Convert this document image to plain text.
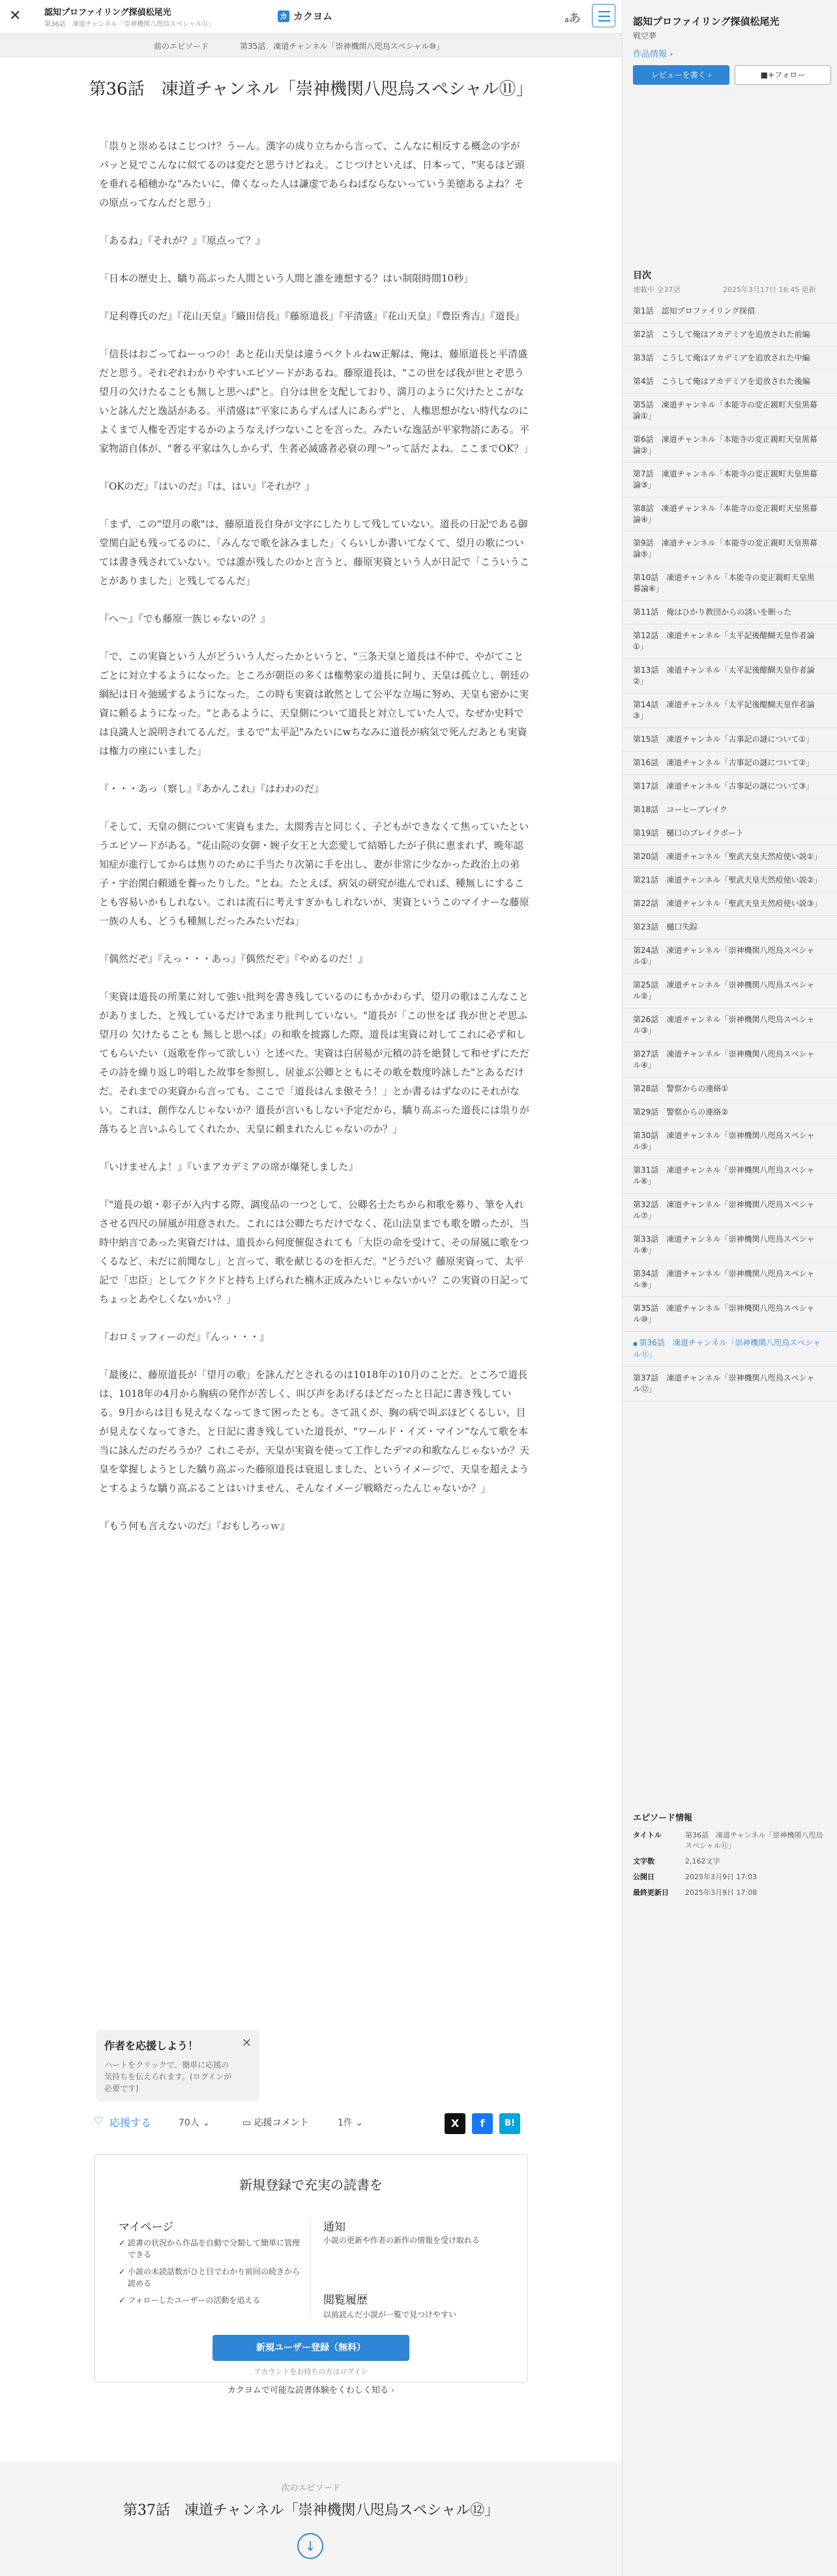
✕	認知プロファイリング探偵松尾光
第36話　凍道チャンネル「崇神機関八咫烏スペシャル⑪」
カ カクヨム	aあ
前のエピソード	第35話　凍道チャンネル「崇神機関八咫烏スペシャル⑩」
第36話　凍道チャンネル「崇神機関八咫烏スペシャル⑪」

「祟りと崇めるはこじつけ？うーん。漢字の成り立ちから言って、こんなに相反する概念の字がパッと見でこんなに似てるのは変だと思うけどねえ。こじつけといえば、日本って、"実るほど頭を垂れる稲穂かな"みたいに、偉くなった人は謙虚であらねばならないっていう美徳あるよね？その原点ってなんだと思う」

「あるね」『それが？』『原点って？』

「日本の歴史上、驕り高ぶった人間という人間と誰を連想する？はい制限時間10秒」

『足利尊氏のだ』『花山天皇』『織田信長』『藤原道長』『平清盛』『花山天皇』『豊臣秀吉』『道長』

「信長はおごってねーっつの！あと花山天皇は違うベクトルねw正解は、俺は、藤原道長と平清盛だと思う。それぞれわかりやすいエピソードがあるね。藤原道長は、"この世をば我が世とぞ思う望月の欠けたることも無しと思へば"と。自分は世を支配しており、満月のように欠けたとこがないと詠んだと逸話がある。平清盛は"平家にあらずんば人にあらず"と、人権思想がない時代なのによくまで人権を否定するかのようなえげつないことを言った。みたいな逸話が平家物語にある。平家物語自体が、"奢る平家は久しからず、生者必滅盛者必衰の理〜"って話だよね。ここまでOK？」

『OKのだ』『はいのだ』『は、はい』『それが？』

「まず、この"望月の歌"は、藤原道長自身が文字にしたりして残していない。道長の日記である御堂関白記も残ってるのに、「みんなで歌を詠みました」くらいしか書いてなくて、望月の歌については書き残されていない。では誰が残したのかと言うと、藤原実資という人が日記で「こういうことがありました」と残してるんだ」

『へ〜』『でも藤原一族じゃないの？』

「で、この実資という人がどういう人だったかというと、"三条天皇と道長は不仲で、やがてことごとに対立するようになった。ところが朝臣の多くは権勢家の道長に阿り、天皇は孤立し、朝廷の綱紀は日々弛緩するようになった。この時も実資は敢然として公平な立場に努め、天皇も密かに実資に頼るようになった。"とあるように、天皇側について道長と対立していた人で、なぜか史料では良識人と説明されてるんだ。まるで"太平記"みたいにwちなみに道長が病気で死んだあとも実資は権力の座にいました」

『・・・あっ（察し』『あかんこれ』『はわわのだ』

「そして、天皇の側について実資もまた、太閤秀吉と同じく、子どもができなくて焦っていたというエピソードがある。"花山院の女御・婉子女王と大恋愛して結婚したが子供に恵まれず、晩年認知症が進行してからは焦りのために手当たり次第に手を出し、妻が非常に少なかった政治上の弟子・宇治関白頼通を養ったりした。"とね。たとえば、病気の研究が進んでれば、種無しにすることも容易いかもしれない。これは流石に考えすぎかもしれないが、実資というこのマイナーな藤原一族の人も、どうも種無しだったみたいだね」

『偶然だぞ』『えっ・・・あっ』『偶然だぞ』『やめるのだ！』

「実資は道長の所業に対して強い批判を書き残しているのにもかかわらず、望月の歌はこんなことがありました、と残しているだけであまり批判していない。"道長が「この世をば 我が世とぞ思ふ 望月の 欠けたることも 無しと思へば」の和歌を披露した際、道長は実資に対してこれに必ず和してもらいたい（返歌を作って欲しい）と述べた。実資は白居易が元稹の詩を絶賛して和せずにただその詩を繰り返し吟唱した故事を参照し、居並ぶ公卿とともにその歌を数度吟詠した"とあるだけだ。それまでの実資から言っても、ここで「道長はんま傲そう！」とか書るはずなのにそれがない。これは、創作なんじゃないか？道長が言いもしない予定だから、驕り高ぶった道長には祟りが落ちると言いふらしてくれたか、天皇に頼まれたんじゃないのか？」

『いけませんよ！』『いまアカデミアの席が爆発しました』

『"道長の娘・彰子が入内する際、調度品の一つとして、公卿名士たちから和歌を募り、筆を入れさせる四尺の屏風が用意された。これには公卿たちだけでなく、花山法皇までも歌を贈ったが、当時中納言であった実資だけは、道長から何度催促されても「大臣の命を受けて、その屏風に歌をつくるなど、未だに前聞なし」と言って、歌を献じるのを拒んだ。"どうだい？藤原実資って、太平記で「忠臣」としてクドクドと持ち上げられた楠木正成みたいじゃないかい？この実資の日記ってちょっとあやしくないかい？」

『おロミッフィーのだ』『んっ・・・』

「最後に、藤原道長が「望月の歌」を詠んだとされるのは1018年の10月のことだ。ところで道長は、1018年の4月から胸病の発作が苦しく、叫び声をあげるほどだったと日記に書き残している。9月からは目も見えなくなってきて困ったとも。さて訊くが、胸の病で叫ぶほどくるしい、目が見えなくなってきた、と日記に書き残していた道長が、"ワールド・イズ・マイン"なんて歌を本当に詠んだのだろうか？これこそが、天皇が実資を使って工作したデマの和歌なんじゃないか？天皇を掌握しようとした驕り高ぶった藤原道長は衰退しました、というイメージで、天皇を超えようとするような驕り高ぶることはいけません、そんなイメージ戦略だったんじゃないか？」

『もう何も言えないのだ』『おもしろっｗ』

作者を応援しよう！
ハートをクリックで、簡単に応援の気持ちを伝えられます。(ログインが必要です)
✕
♡ 応援する	70人 ⌄	▭ 応援コメント	1件 ⌄	X	f	B!
新規登録で充実の読書を
マイページ
✓ 読書の状況から作品を自動で分類して簡単に管理できる
✓ 小説の未読話数がひと目でわかり前回の続きから読める
✓ フォローしたユーザーの活動を追える
通知
小説の更新や作者の新作の情報を受け取れる
閲覧履歴
以前読んだ小説が一覧で見つけやすい
新規ユーザー登録（無料）
アカウントをお持ちの方はログイン
カクヨムで可能な読書体験をくわしく知る ›
次のエピソード
第37話　凍道チャンネル「崇神機関八咫烏スペシャル⑫」
↓
認知プロファイリング探偵松尾光
戦空夢
作品情報 ›
レビューを書く ›	■+フォロー
目次
連載中 全37話	2025年3月17日 16:45 更新
第1話 認知プロファイリング探偵
第2話 こうして俺はアカデミアを追放された前編
第3話 こうして俺はアカデミアを追放された中編
第4話 こうして俺はアカデミアを追放された後編
第5話 凍道チャンネル「本能寺の変正親町天皇黒幕論①」
第6話 凍道チャンネル「本能寺の変正親町天皇黒幕論②」
第7話 凍道チャンネル「本能寺の変正親町天皇黒幕論③」
第8話 凍道チャンネル「本能寺の変正親町天皇黒幕論④」
第9話 凍道チャンネル「本能寺の変正親町天皇黒幕論⑤」
第10話 凍道チャンネル「本能寺の変正親町天皇黒幕論⑥」
第11話 俺はひかり教団からの誘いを断った
第12話 凍道チャンネル「太平記後醍醐天皇作者論①」
第13話 凍道チャンネル「太平記後醍醐天皇作者論②」
第14話 凍道チャンネル「太平記後醍醐天皇作者論③」
第15話 凍道チャンネル「古事記の謎について①」
第16話 凍道チャンネル「古事記の謎について②」
第17話 凍道チャンネル「古事記の謎について③」
第18話 コーヒーブレイク
第19話 樋口のブレイクポート
第20話 凍道チャンネル「聖武天皇天然痘使い説①」
第21話 凍道チャンネル「聖武天皇天然痘使い説②」
第22話 凍道チャンネル「聖武天皇天然痘使い説③」
第23話 樋口失踪
第24話 凍道チャンネル「崇神機関八咫烏スペシャル①」
第25話 凍道チャンネル「崇神機関八咫烏スペシャル②」
第26話 凍道チャンネル「崇神機関八咫烏スペシャル③」
第27話 凍道チャンネル「崇神機関八咫烏スペシャル④」
第28話 警察からの連絡①
第29話 警察からの連絡②
第30話 凍道チャンネル「崇神機関八咫烏スペシャル⑤」
第31話 凍道チャンネル「崇神機関八咫烏スペシャル⑥」
第32話 凍道チャンネル「崇神機関八咫烏スペシャル⑦」
第33話 凍道チャンネル「崇神機関八咫烏スペシャル⑧」
第34話 凍道チャンネル「崇神機関八咫烏スペシャル⑨」
第35話 凍道チャンネル「崇神機関八咫烏スペシャル⑩」
● 第36話 凍道チャンネル「崇神機関八咫烏スペシャル⑪」
第37話 凍道チャンネル「崇神機関八咫烏スペシャル⑫」
エピソード情報
タイトル	第36話　凍道チャンネル「崇神機関八咫烏スペシャル⑪」
文字数	2,162文字
公開日	2025年3月9日 17:03
最終更新日	2025年3月9日 17:08
